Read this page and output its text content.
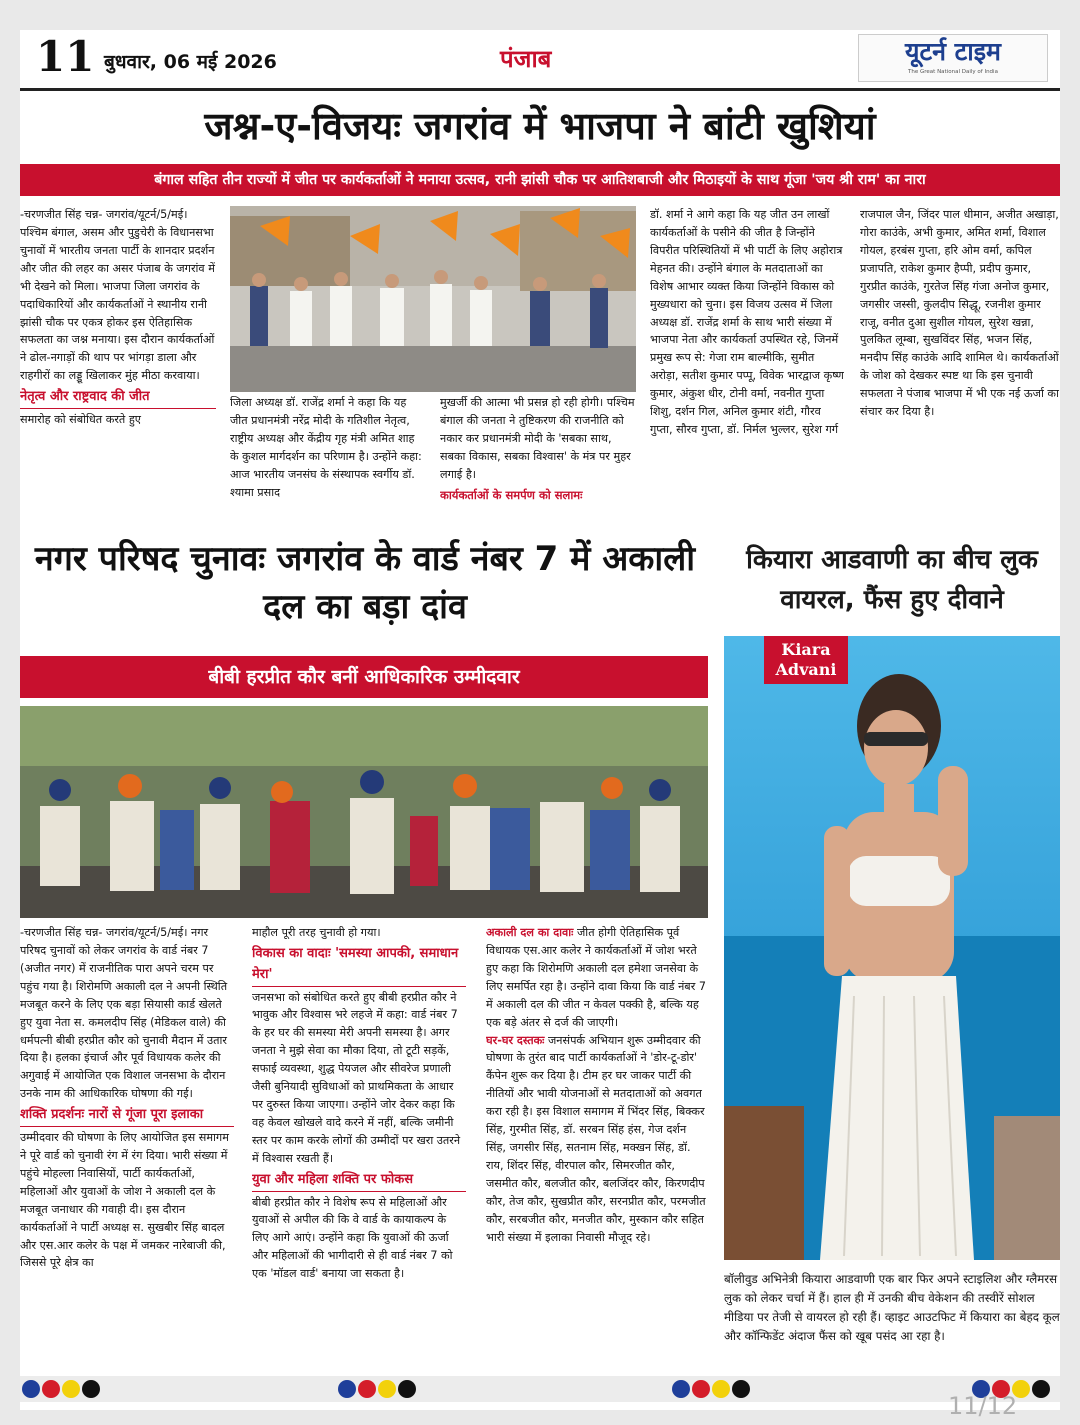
11 बुधवार, 06 मई 2026	पंजाब	यूटर्न टाइम
The Great National Daily of India
जश्न-ए-विजयः जगरांव में भाजपा ने बांटी खुशियां
बंगाल सहित तीन राज्यों में जीत पर कार्यकर्ताओं ने मनाया उत्सव, रानी झांसी चौक पर आतिशबाजी और मिठाइयों के साथ गूंजा 'जय श्री राम' का नारा

-चरणजीत सिंह चन्न- जगरांव/यूटर्न/5/मई। पश्चिम बंगाल, असम और पुडुचेरी के विधानसभा चुनावों में भारतीय जनता पार्टी के शानदार प्रदर्शन और जीत की लहर का असर पंजाब के जगरांव में भी देखने को मिला। भाजपा जिला जगरांव के पदाधिकारियों और कार्यकर्ताओं ने स्थानीय रानी झांसी चौक पर एकत्र होकर इस ऐतिहासिक सफलता का जश्न मनाया। इस दौरान कार्यकर्ताओं ने ढोल-नगाड़ों की थाप पर भांगड़ा डाला और राहगीरों का लड्डू खिलाकर मुंह मीठा करवाया।

नेतृत्व और राष्ट्रवाद की जीत

समारोह को संबोधित करते हुए

जिला अध्यक्ष डॉ. राजेंद्र शर्मा ने कहा कि यह जीत प्रधानमंत्री नरेंद्र मोदी के गतिशील नेतृत्व, राष्ट्रीय अध्यक्ष और केंद्रीय गृह मंत्री अमित शाह के कुशल मार्गदर्शन का परिणाम है। उन्होंने कहा: आज भारतीय जनसंघ के संस्थापक स्वर्गीय डॉ. श्यामा प्रसाद

मुखर्जी की आत्मा भी प्रसन्न हो रही होगी। पश्चिम बंगाल की जनता ने तुष्टिकरण की राजनीति को नकार कर प्रधानमंत्री मोदी के 'सबका साथ, सबका विकास, सबका विश्वास' के मंत्र पर मुहर लगाई है।

कार्यकर्ताओं के समर्पण को सलामः
डॉ. शर्मा ने आगे कहा कि यह जीत उन लाखों कार्यकर्ताओं के पसीने की जीत है जिन्होंने विपरीत परिस्थितियों में भी पार्टी के लिए अहोरात्र मेहनत की। उन्होंने बंगाल के मतदाताओं का विशेष आभार व्यक्त किया जिन्होंने विकास को मुख्यधारा को चुना। इस विजय उत्सव में जिला अध्यक्ष डॉ. राजेंद्र शर्मा के साथ भारी संख्या में भाजपा नेता और कार्यकर्ता उपस्थित रहे, जिनमें प्रमुख रूप से: गेजा राम बाल्मीकि, सुमीत अरोड़ा, सतीश कुमार पप्पू, विवेक भारद्वाज कृष्ण कुमार, अंकुश धीर, टोनी वर्मा, नवनीत गुप्ता शिशु, दर्शन गिल, अनिल कुमार शंटी, गौरव गुप्ता, सौरव गुप्ता, डॉ. निर्मल भुल्लर, सुरेश गर्ग
राजपाल जैन, जिंदर पाल धीमान, अजीत अखाड़ा, गोरा काउंके, अभी कुमार, अमित शर्मा, विशाल गोयल, हरबंस गुप्ता, हरि ओम वर्मा, कपिल प्रजापति, राकेश कुमार हैप्पी, प्रदीप कुमार, गुरप्रीत काउंके, गुरतेज सिंह गंजा अनोज कुमार, जगसीर जस्सी, कुलदीप सिद्धू, रजनीश कुमार राजू, वनीत दुआ सुशील गोयल, सुरेश खन्ना, पुलकित लूम्बा, सुखविंदर सिंह, भजन सिंह, मनदीप सिंह काउंके आदि शामिल थे। कार्यकर्ताओं के जोश को देखकर स्पष्ट था कि इस चुनावी सफलता ने पंजाब भाजपा में भी एक नई ऊर्जा का संचार कर दिया है।
नगर परिषद चुनावः जगरांव के वार्ड नंबर 7 में अकाली दल का बड़ा दांव
बीबी हरप्रीत कौर बनीं आधिकारिक उम्मीदवार

-चरणजीत सिंह चन्न- जगरांव/यूटर्न/5/मई। नगर परिषद चुनावों को लेकर जगरांव के वार्ड नंबर 7 (अजीत नगर) में राजनीतिक पारा अपने चरम पर पहुंच गया है। शिरोमणि अकाली दल ने अपनी स्थिति मजबूत करने के लिए एक बड़ा सियासी कार्ड खेलते हुए युवा नेता स. कमलदीप सिंह (मेडिकल वाले) की धर्मपत्नी बीबी हरप्रीत कौर को चुनावी मैदान में उतार दिया है। हलका इंचार्ज और पूर्व विधायक कलेर की अगुवाई में आयोजित एक विशाल जनसभा के दौरान उनके नाम की आधिकारिक घोषणा की गई।

शक्ति प्रदर्शनः नारों से गूंजा पूरा इलाका

उम्मीदवार की घोषणा के लिए आयोजित इस समागम ने पूरे वार्ड को चुनावी रंग में रंग दिया। भारी संख्या में पहुंचे मोहल्ला निवासियों, पार्टी कार्यकर्ताओं, महिलाओं और युवाओं के जोश ने अकाली दल के मजबूत जनाधार की गवाही दी। इस दौरान कार्यकर्ताओं ने पार्टी अध्यक्ष स. सुखबीर सिंह बादल और एस.आर कलेर के पक्ष में जमकर नारेबाजी की, जिससे पूरे क्षेत्र का

माहौल पूरी तरह चुनावी हो गया।

विकास का वादाः 'समस्या आपकी, समाधान मेरा'

जनसभा को संबोधित करते हुए बीबी हरप्रीत कौर ने भावुक और विश्वास भरे लहजे में कहा: वार्ड नंबर 7 के हर घर की समस्या मेरी अपनी समस्या है। अगर जनता ने मुझे सेवा का मौका दिया, तो टूटी सड़कें, सफाई व्यवस्था, शुद्ध पेयजल और सीवरेज प्रणाली जैसी बुनियादी सुविधाओं को प्राथमिकता के आधार पर दुरुस्त किया जाएगा। उन्होंने जोर देकर कहा कि वह केवल खोखले वादे करने में नहीं, बल्कि जमीनी स्तर पर काम करके लोगों की उम्मीदों पर खरा उतरने में विश्वास रखती हैं।

युवा और महिला शक्ति पर फोकस

बीबी हरप्रीत कौर ने विशेष रूप से महिलाओं और युवाओं से अपील की कि वे वार्ड के कायाकल्प के लिए आगे आएं। उन्होंने कहा कि युवाओं की ऊर्जा और महिलाओं की भागीदारी से ही वार्ड नंबर 7 को एक 'मॉडल वार्ड' बनाया जा सकता है।

अकाली दल का दावाः जीत होगी ऐतिहासिक पूर्व विधायक एस.आर कलेर ने कार्यकर्ताओं में जोश भरते हुए कहा कि शिरोमणि अकाली दल हमेशा जनसेवा के लिए समर्पित रहा है। उन्होंने दावा किया कि वार्ड नंबर 7 में अकाली दल की जीत न केवल पक्की है, बल्कि यह एक बड़े अंतर से दर्ज की जाएगी।

घर-घर दस्तकः जनसंपर्क अभियान शुरू उम्मीदवार की घोषणा के तुरंत बाद पार्टी कार्यकर्ताओं ने 'डोर-टू-डोर' कैंपेन शुरू कर दिया है। टीम हर घर जाकर पार्टी की नीतियों और भावी योजनाओं से मतदाताओं को अवगत करा रही है। इस विशाल समागम में भिंदर सिंह, बिक्कर सिंह, गुरमीत सिंह, डॉ. सरबन सिंह हंस, गेज दर्शन सिंह, जगसीर सिंह, सतनाम सिंह, मक्खन सिंह, डॉ. राय, शिंदर सिंह, वीरपाल कौर, सिमरजीत कौर, जसमीत कौर, बलजीत कौर, बलजिंदर कौर, किरणदीप कौर, तेज कौर, सुखप्रीत कौर, सरनप्रीत कौर, परमजीत कौर, सरबजीत कौर, मनजीत कौर, मुस्कान कौर सहित भारी संख्या में इलाका निवासी मौजूद रहे।

कियारा आडवाणी का बीच लुक वायरल, फैंस हुए दीवाने
Kiara Advani
बॉलीवुड अभिनेत्री कियारा आडवाणी एक बार फिर अपने स्टाइलिश और ग्लैमरस लुक को लेकर चर्चा में हैं। हाल ही में उनकी बीच वेकेशन की तस्वीरें सोशल मीडिया पर तेजी से वायरल हो रही हैं। व्हाइट आउटफिट में कियारा का बेहद कूल और कॉन्फिडेंट अंदाज फैंस को खूब पसंद आ रहा है।
11/12
